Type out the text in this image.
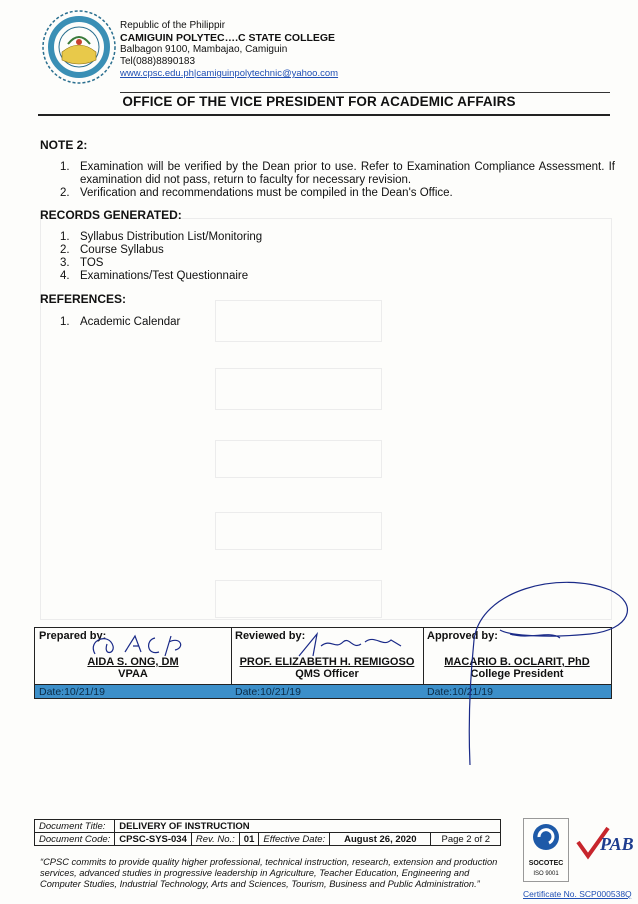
Republic of the Philippir
CAMIGUIN POLYTEC….C STATE COLLEGE
Balbagon 9100, Mambajao, Camiguin
Tel(088)8890183
www.cpsc.edu.ph|camiguinpolytechnic@yahoo.com
OFFICE OF THE VICE PRESIDENT FOR ACADEMIC AFFAIRS
NOTE 2:
1. Examination will be verified by the Dean prior to use. Refer to Examination Compliance Assessment. If examination did not pass, return to faculty for necessary revision.
2. Verification and recommendations must be compiled in the Dean's Office.
RECORDS GENERATED:
1. Syllabus Distribution List/Monitoring
2. Course Syllabus
3. TOS
4. Examinations/Test Questionnaire
REFERENCES:
1. Academic Calendar
Prepared by:
AIDA S. ONG, DM
VPAA
Date:10/21/19
Reviewed by:
PROF. ELIZABETH H. REMIGOSO
QMS Officer
Date:10/21/19
Approved by:
MACARIO B. OCLARIT, PhD
College President
Date:10/21/19
Document Title:	DELIVERY OF INSTRUCTION					
Document Code:	CPSC-SYS-034	Rev. No.:	01	Effective Date:	August 26, 2020	Page 2 of 2
“CPSC commits to provide quality higher professional, technical instruction, research, extension and production services, advanced studies in progressive leadership in Agriculture, Teacher Education, Engineering and Computer Studies, Industrial Technology, Arts and Sciences, Tourism, Business and Public Administration.”
SOCOTEC
ISO 9001
PAB
Certificate No. SCP000538Q
